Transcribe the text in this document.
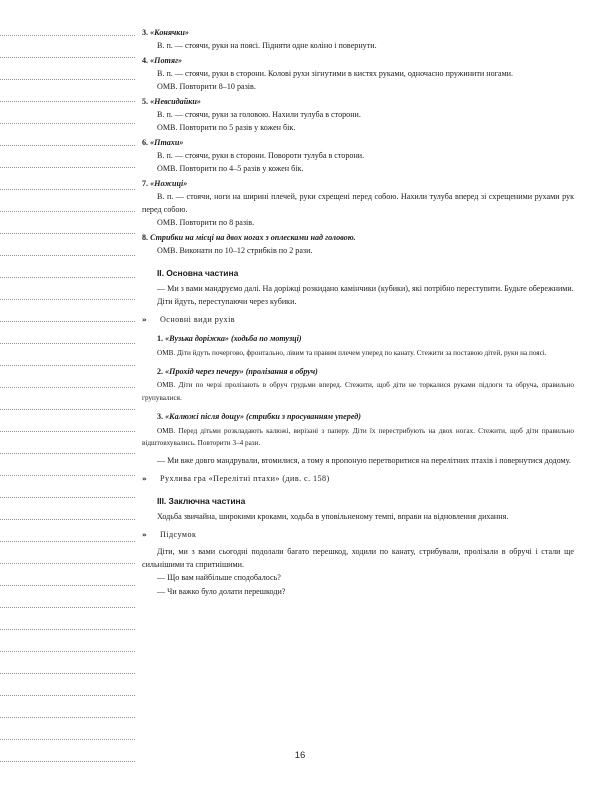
3. «Конячки»
В. п. — стоячи, руки на поясі. Підняти одне коліно і повернути.
4. «Потяг»
В. п. — стоячи, руки в сторони. Колові рухи зігнутими в кистях руками, одночасно пружинити ногами.
ОМВ. Повторити 8–10 разів.
5. «Невсидайки»
В. п. — стоячи, руки за головою. Нахили тулуба в сторони.
ОМВ. Повторити по 5 разів у кожен бік.
6. «Птахи»
В. п. — стоячи, руки в сторони. Повороти тулуба в сторони.
ОМВ. Повторити по 4–5 разів у кожен бік.
7. «Ножиці»
В. п. — стоячи, ноги на ширині плечей, руки схрещені перед собою. Нахили тулуба вперед зі схрещеними рухами рук перед собою.
ОМВ. Повторити по 8 разів.
8. Стрибки на місці на двох ногах з оплесками над головою.
ОМВ. Виконати по 10–12 стрибків по 2 рази.
II. Основна частина
— Ми з вами мандруємо далі. На доріжці розкидано камінчики (кубики), які потрібно переступити. Будьте обережними.
Діти йдуть, переступаючи через кубики.
» Основні види рухів
1. «Вузька доріжка» (ходьба по мотузці)
ОМВ. Діти йдуть почергово, фронтально, лівим та правим плечем уперед по канату. Стежити за поставою дітей, руки на поясі.
2. «Прохід через печеру» (пролізання в обруч)
ОМВ. Діти по черзі пролізають в обруч грудьми вперед. Стежити, щоб діти не торкалися руками підлоги та обруча, правильно групувалися.
3. «Калюжі після дощу» (стрибки з просуванням уперед)
ОМВ. Перед дітьми розкладають калюжі, вирізані з паперу. Діти їх перестрибують на двох ногах. Стежити, щоб діти правильно відштовхувались. Повторити 3–4 рази.
— Ми вже довго мандрували, втомилися, а тому я пропоную перетворитися на перелітних птахів і повернутися додому.
» Рухлива гра «Перелітні птахи» (див. с. 158)
III. Заключна частина
Ходьба звичайна, широкими кроками, ходьба в уповільненому темпі, вправи на відновлення дихання.
» Підсумок
Діти, ми з вами сьогодні подолали багато перешкод, ходили по канату, стрибували, пролізали в обручі і стали ще сильнішими та спритнішими.
— Що вам найбільше сподобалось?
— Чи важко було долати перешкоди?
16
